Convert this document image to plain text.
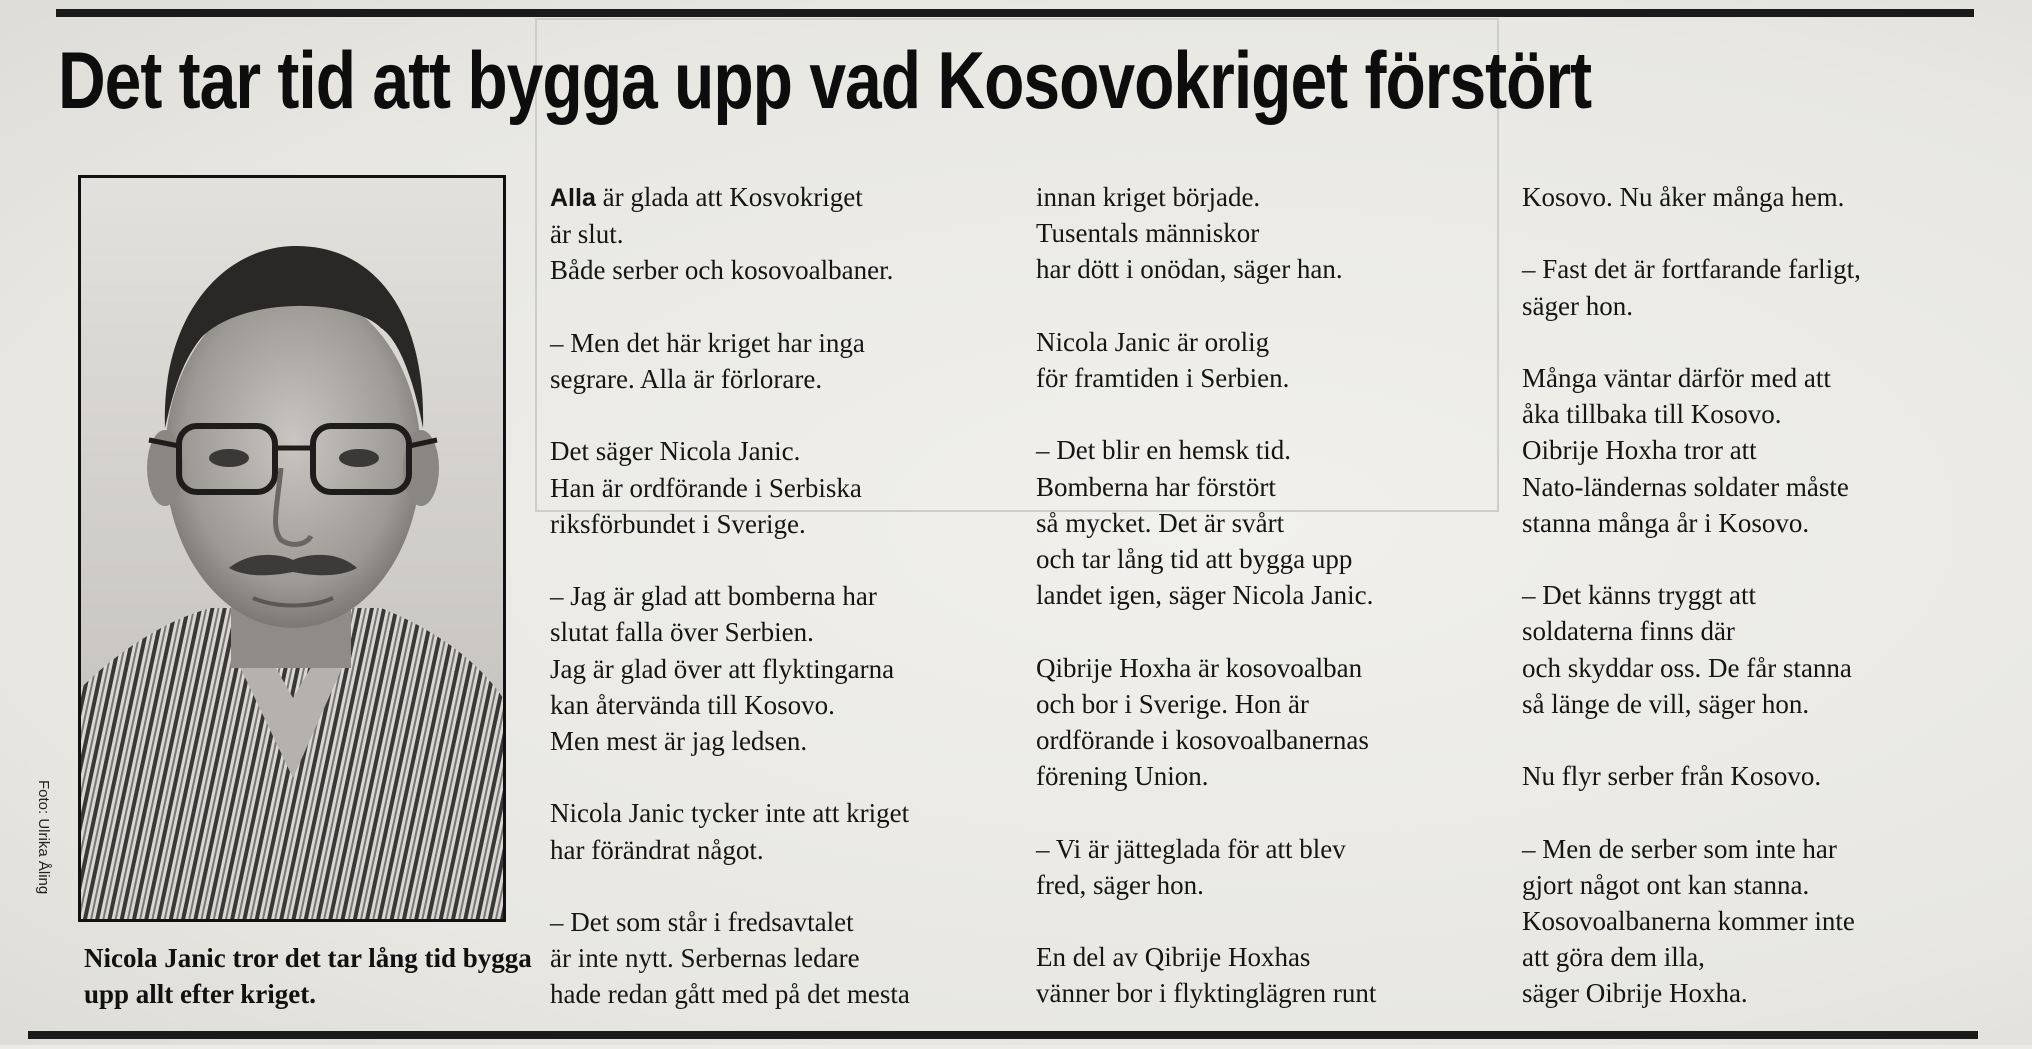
Det tar tid att bygga upp vad Kosovokriget förstört
Foto: Ulrika Åling

Nicola Janic tror det tar lång tid bygga upp allt efter kriget.

Alla är glada att Kosvokriget
är slut.
Både serber och kosovoalbaner.

– Men det här kriget har inga
segrare. Alla är förlorare.

Det säger Nicola Janic.
Han är ordförande i Serbiska
riksförbundet i Sverige.

– Jag är glad att bomberna har
slutat falla över Serbien.
Jag är glad över att flyktingarna
kan återvända till Kosovo.
Men mest är jag ledsen.

Nicola Janic tycker inte att kriget
har förändrat något.

– Det som står i fredsavtalet
är inte nytt. Serbernas ledare
hade redan gått med på det mesta

innan kriget började.
Tusentals människor
har dött i onödan, säger han.

Nicola Janic är orolig
för framtiden i Serbien.

– Det blir en hemsk tid.
Bomberna har förstört
så mycket. Det är svårt
och tar lång tid att bygga upp
landet igen, säger Nicola Janic.

Qibrije Hoxha är kosovoalban
och bor i Sverige. Hon är
ordförande i kosovoalbanernas
förening Union.

– Vi är jätteglada för att blev
fred, säger hon.

En del av Qibrije Hoxhas
vänner bor i flyktinglägren runt

Kosovo. Nu åker många hem.

– Fast det är fortfarande farligt,
säger hon.

Många väntar därför med att
åka tillbaka till Kosovo.
Oibrije Hoxha tror att
Nato-ländernas soldater måste
stanna många år i Kosovo.

– Det känns tryggt att
soldaterna finns där
och skyddar oss. De får stanna
så länge de vill, säger hon.

Nu flyr serber från Kosovo.

– Men de serber som inte har
gjort något ont kan stanna.
Kosovoalbanerna kommer inte
att göra dem illa,
säger Oibrije Hoxha.
